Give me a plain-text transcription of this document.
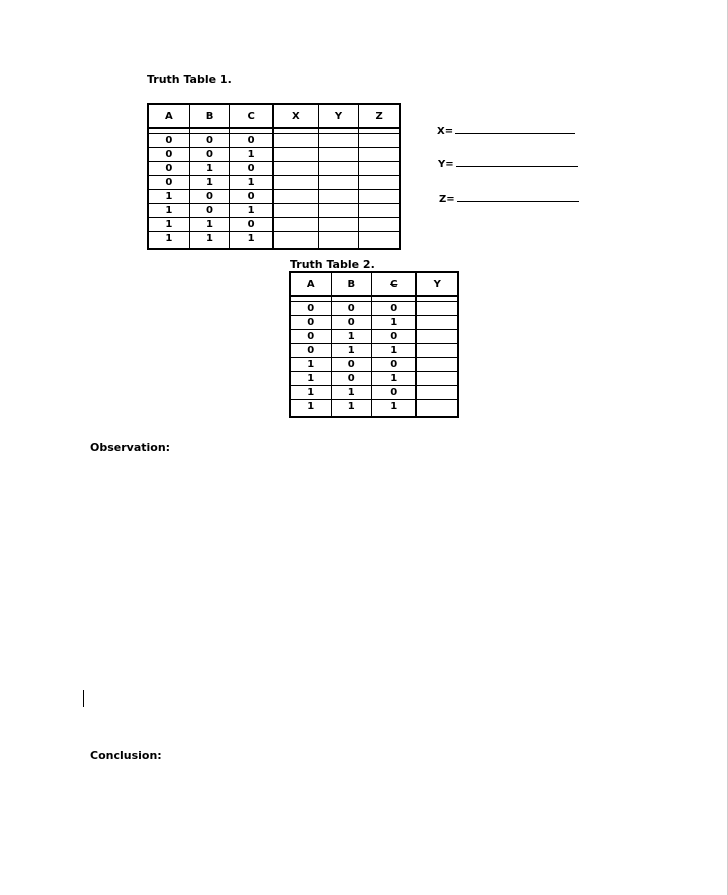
Truth Table 1.
A	B	C	X	Y	Z

0	0	0			
0	0	1			
0	1	0			
0	1	1			
1	0	0			
1	0	1			
1	1	0			
1	1	1			
X=
Y=
Z=
Truth Table 2.
A	B	C	Y

0	0	0	
0	0	1	
0	1	0	
0	1	1	
1	0	0	
1	0	1	
1	1	0	
1	1	1	
Observation:
Conclusion:
